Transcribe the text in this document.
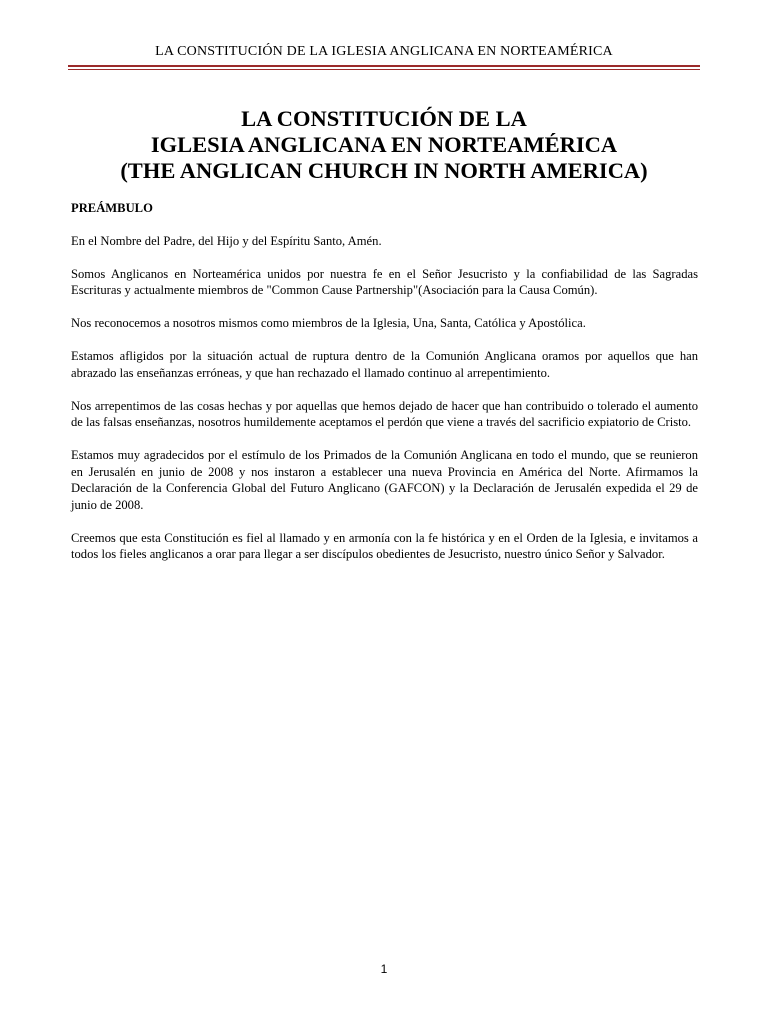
LA CONSTITUCIÓN DE LA IGLESIA ANGLICANA EN NORTEAMÉRICA
LA CONSTITUCIÓN DE LA
IGLESIA ANGLICANA EN NORTEAMÉRICA
(THE ANGLICAN CHURCH IN NORTH AMERICA)
PREÁMBULO

En el Nombre del Padre, del Hijo y del Espíritu Santo, Amén.

Somos Anglicanos en Norteamérica unidos por nuestra fe en el Señor Jesucristo y la confiabilidad de las Sagradas Escrituras y actualmente miembros de "Common Cause Partnership"(Asociación para la Causa Común).

Nos reconocemos a nosotros mismos como miembros de la Iglesia, Una, Santa, Católica y Apostólica.

Estamos afligidos por la situación actual de ruptura dentro de la Comunión Anglicana oramos por aquellos que han abrazado las enseñanzas erróneas, y que han rechazado el llamado continuo al arrepentimiento.

Nos arrepentimos de las cosas hechas y por aquellas que hemos dejado de hacer que han contribuido o tolerado el aumento de las falsas enseñanzas, nosotros humildemente aceptamos el perdón que viene a través del sacrificio expiatorio de Cristo.

Estamos muy agradecidos por el estímulo de los Primados de la Comunión Anglicana en todo el mundo, que se reunieron en Jerusalén en junio de 2008 y nos instaron a establecer una nueva Provincia en América del Norte. Afirmamos la Declaración de la Conferencia Global del Futuro Anglicano (GAFCON) y la Declaración de Jerusalén expedida el 29 de junio de 2008.

Creemos que esta Constitución es fiel al llamado y en armonía con la fe histórica y en el Orden de la Iglesia, e invitamos a todos los fieles anglicanos a orar para llegar a ser discípulos obedientes de Jesucristo, nuestro único Señor y Salvador.

1
